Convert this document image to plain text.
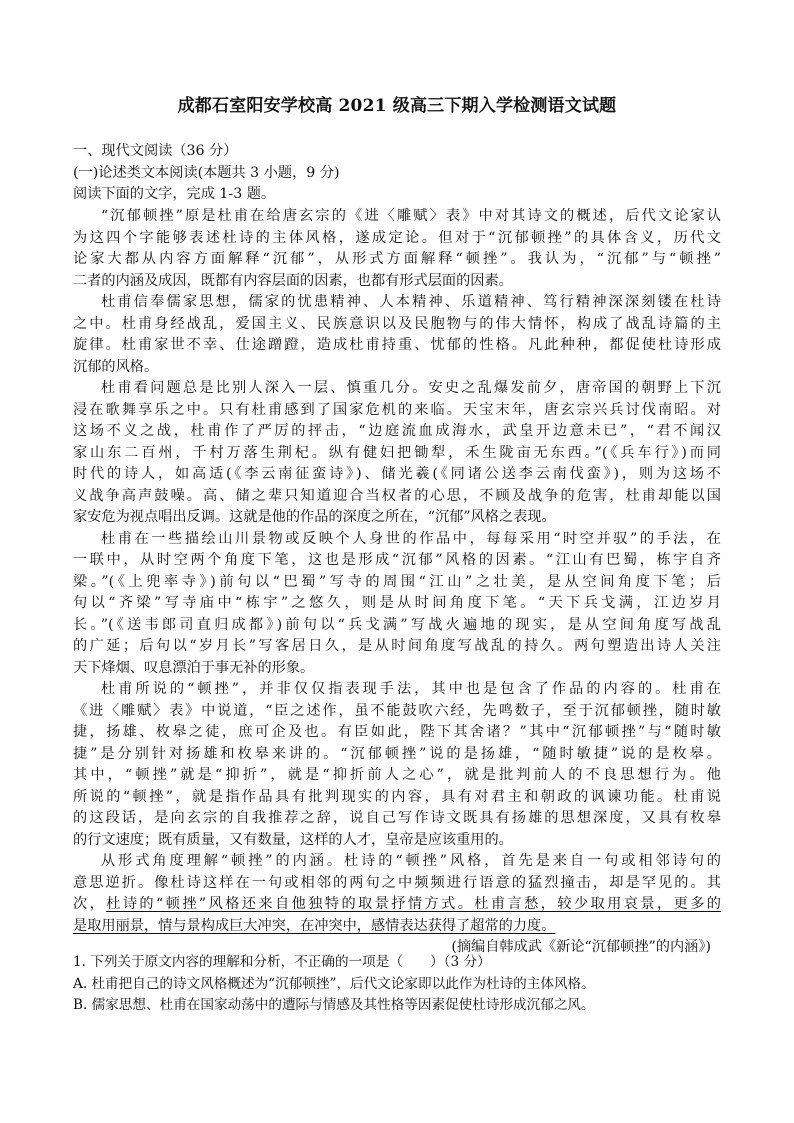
成都石室阳安学校高 2021 级高三下期入学检测语文试题
一、现代文阅读（36 分）
(一)论述类文本阅读(本题共 3 小题，9 分)
阅读下面的文字，完成 1-3 题。
“沉郁顿挫”原是杜甫在给唐玄宗的《进〈雕赋〉表》中对其诗文的概述，后代文论家认
为这四个字能够表述杜诗的主体风格，遂成定论。但对于“沉郁顿挫”的具体含义，历代文
论家大都从内容方面解释“沉郁”，从形式方面解释“顿挫”。我认为，“沉郁”与“顿挫”
二者的内涵及成因，既都有内容层面的因素，也都有形式层面的因素。
杜甫信奉儒家思想，儒家的忧患精神、人本精神、乐道精神、笃行精神深深刻镂在杜诗
之中。杜甫身经战乱，爱国主义、民族意识以及民胞物与的伟大情怀，构成了战乱诗篇的主
旋律。杜甫家世不幸、仕途蹭蹬，造成杜甫持重、忧郁的性格。凡此种种，都促使杜诗形成
沉郁的风格。
杜甫看问题总是比别人深入一层、慎重几分。安史之乱爆发前夕，唐帝国的朝野上下沉
浸在歌舞享乐之中。只有杜甫感到了国家危机的来临。天宝末年，唐玄宗兴兵讨伐南昭。对
这场不义之战，杜甫作了严厉的抨击，“边庭流血成海水，武皇开边意未已”，“君不闻汉
家山东二百州，千村万落生荆杞。纵有健妇把锄犁，禾生陇亩无东西。”(《兵车行》)而同
时代的诗人，如高适(《李云南征蛮诗》)、储光羲(《同诸公送李云南伐蛮》)，则为这场不
义战争高声鼓噪。高、储之辈只知道迎合当权者的心思，不顾及战争的危害，杜甫却能以国
家安危为视点唱出反调。这就是他的作品的深度之所在，“沉郁”风格之表现。
杜甫在一些描绘山川景物或反映个人身世的作品中，每每采用“时空并驭”的手法，在
一联中，从时空两个角度下笔，这也是形成“沉郁”风格的因素。“江山有巴蜀，栋宇自齐
梁。”(《上兜率寺》)前句以“巴蜀”写寺的周围“江山”之壮美，是从空间角度下笔；后
句以“齐梁”写寺庙中“栋宇”之悠久，则是从时间角度下笔。“天下兵戈满，江边岁月
长。”(《送韦郎司直归成都》)前句以“兵戈满”写战火遍地的现实，是从空间角度写战乱
的广延；后句以“岁月长”写客居日久，是从时间角度写战乱的持久。两句塑造出诗人关注
天下烽烟、叹息漂泊于事无补的形象。
杜甫所说的“顿挫”，并非仅仅指表现手法，其中也是包含了作品的内容的。杜甫在
《进〈雕赋〉表》中说道，“臣之述作，虽不能鼓吹六经，先鸣数子，至于沉郁顿挫，随时敏
捷，扬雄、枚皋之徒，庶可企及也。有臣如此，陛下其舍诸？”其中“沉郁顿挫”与“随时敏
捷”是分别针对扬雄和枚皋来讲的。“沉郁顿挫”说的是扬雄，“随时敏捷”说的是枚皋。
其中，“顿挫”就是“抑折”，就是“抑折前人之心”，就是批判前人的不良思想行为。他
所说的“顿挫”，就是指作品具有批判现实的内容，具有对君主和朝政的讽谏功能。杜甫说
的这段话，是向玄宗的自我推荐之辞，说自己写作诗文既具有扬雄的思想深度，又具有枚皋
的行文速度；既有质量，又有数量，这样的人才，皇帝是应该重用的。
从形式角度理解“顿挫”的内涵。杜诗的“顿挫”风格，首先是来自一句或相邻诗句的
意思逆折。像杜诗这样在一句或相邻的两句之中频频进行语意的猛烈撞击，却是罕见的。其
次，杜诗的“顿挫”风格还来自他独特的取景抒情方式。杜甫言愁，较少取用哀景，更多的
是取用丽景，情与景构成巨大冲突，在冲突中，感情表达获得了超常的力度。
(摘编自韩成武《新论“沉郁顿挫”的内涵》)
1. 下列关于原文内容的理解和分析，不正确的一项是（　　）（3 分）
A. 杜甫把自己的诗文风格概述为“沉郁顿挫”，后代文论家即以此作为杜诗的主体风格。
B. 儒家思想、杜甫在国家动荡中的遭际与情感及其性格等因素促使杜诗形成沉郁之风。
